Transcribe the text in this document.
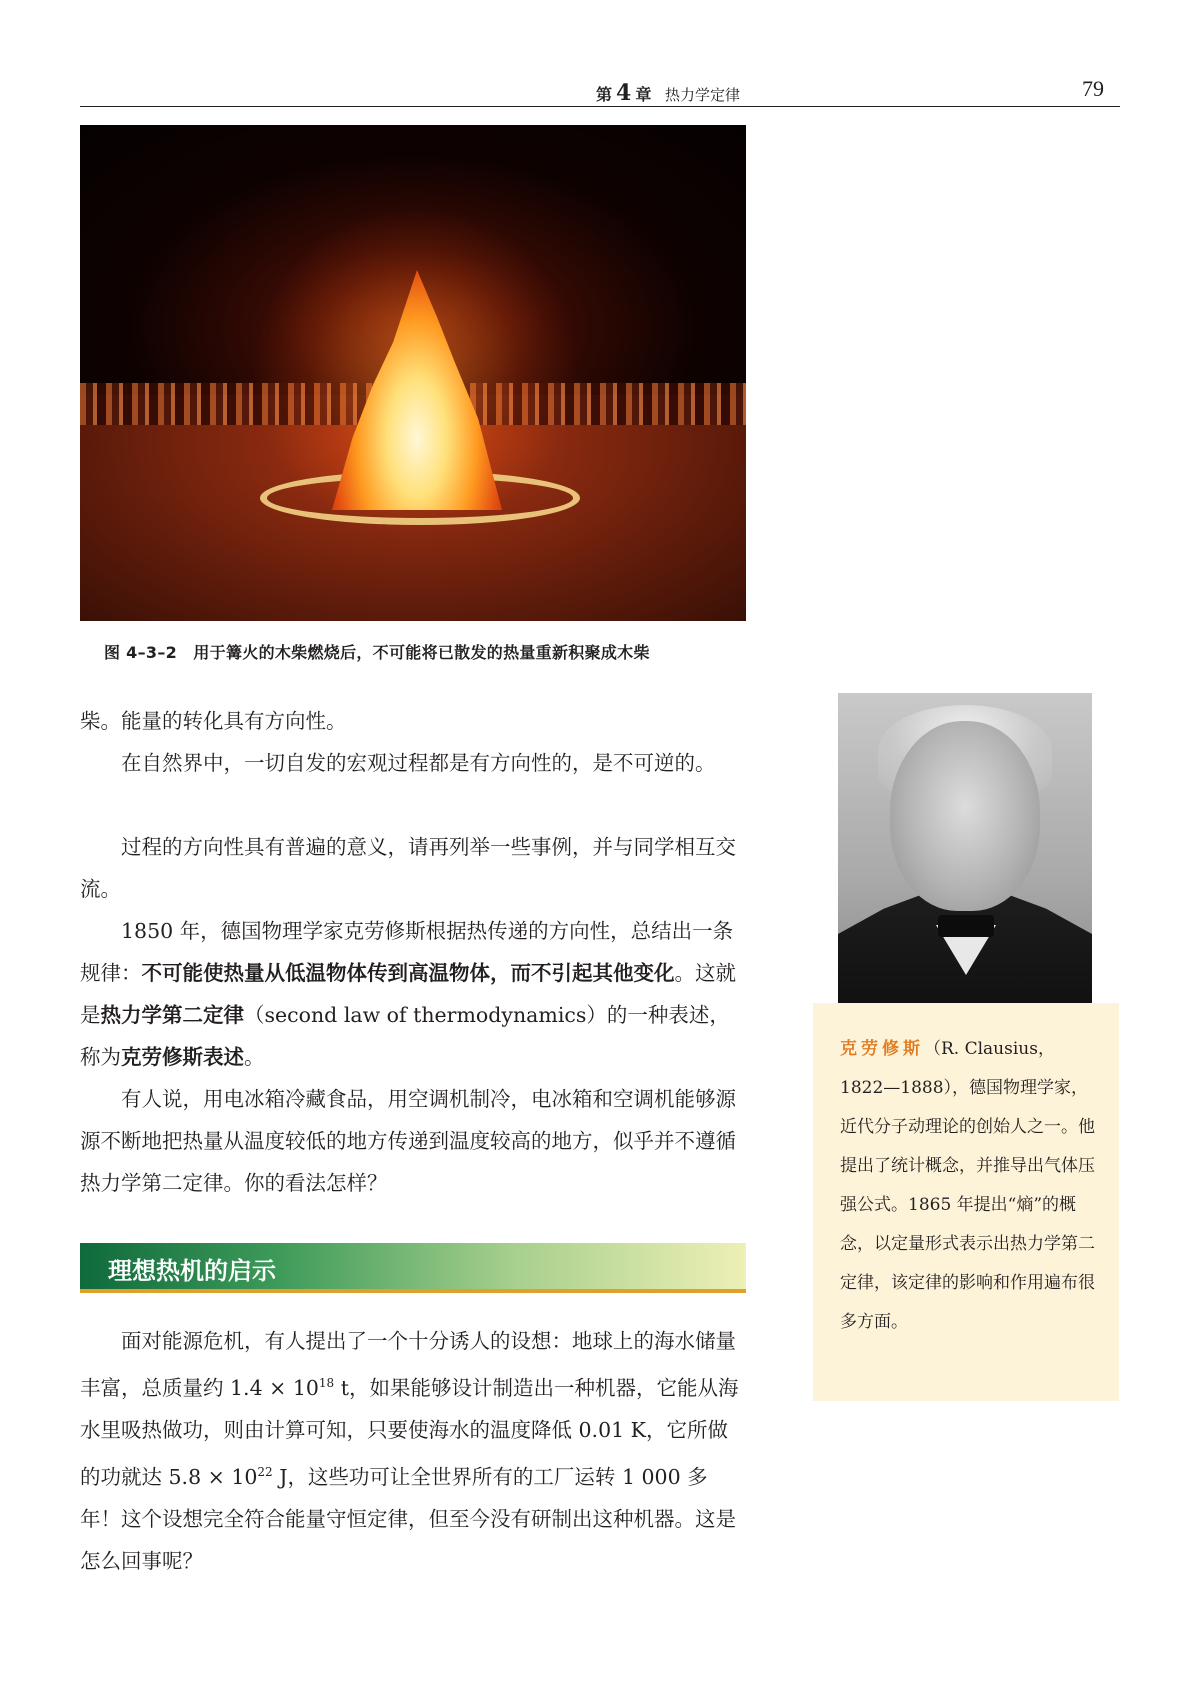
第 4 章 热力学定律	79
图 4–3–2　用于篝火的木柴燃烧后，不可能将已散发的热量重新积聚成木柴

柴。能量的转化具有方向性。

在自然界中，一切自发的宏观过程都是有方向性的，是不可逆的。

过程的方向性具有普遍的意义，请再列举一些事例，并与同学相互交流。

1850 年，德国物理学家克劳修斯根据热传递的方向性，总结出一条规律：不可能使热量从低温物体传到高温物体，而不引起其他变化。这就是热力学第二定律（second law of thermodynamics）的一种表述，称为克劳修斯表述。

有人说，用电冰箱冷藏食品，用空调机制冷，电冰箱和空调机能够源源不断地把热量从温度较低的地方传递到温度较高的地方，似乎并不遵循热力学第二定律。你的看法怎样？

理想热机的启示

面对能源危机，有人提出了一个十分诱人的设想：地球上的海水储量丰富，总质量约 $1.4 \times 10^{18}$ t，如果能够设计制造出一种机器，它能从海水里吸热做功，则由计算可知，只要使海水的温度降低 0.01 K，它所做的功就达 $5.8 \times 10^{22}$ J，这些功可让全世界所有的工厂运转 1 000 多年！这个设想完全符合能量守恒定律，但至今没有研制出这种机器。这是怎么回事呢？

克劳修斯（R. Clausius，1822—1888），德国物理学家，近代分子动理论的创始人之一。他提出了统计概念，并推导出气体压强公式。1865 年提出“熵”的概念，以定量形式表示出热力学第二定律，该定律的影响和作用遍布很多方面。
